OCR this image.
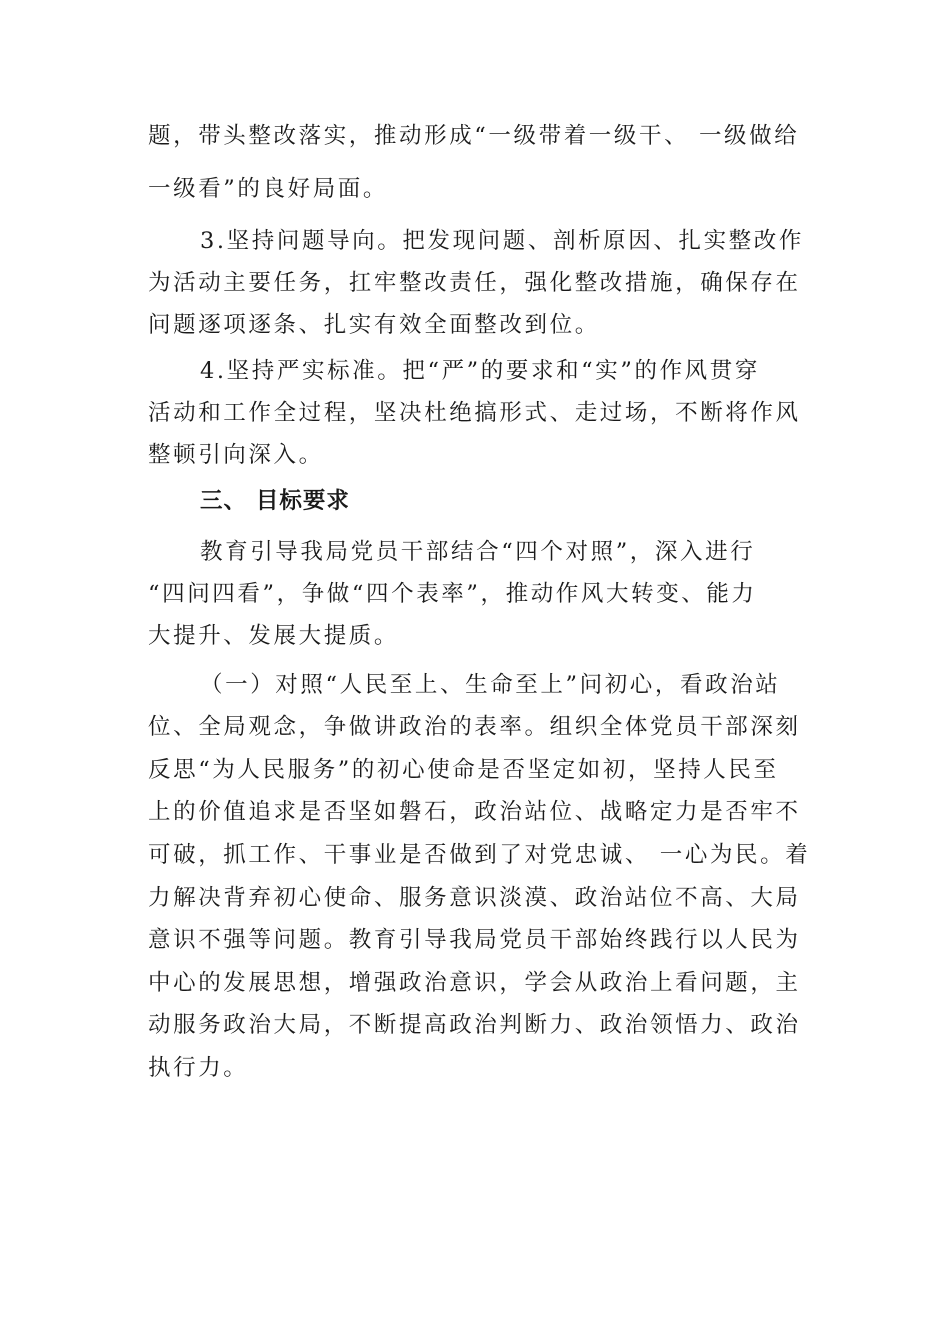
题，带头整改落实，推动形成“一级带着一级干、 一级做给
一级看”的良好局面。
3.坚持问题导向。把发现问题、剖析原因、扎实整改作
为活动主要任务，扛牢整改责任，强化整改措施，确保存在
问题逐项逐条、扎实有效全面整改到位。
4.坚持严实标准。把“严”的要求和“实”的作风贯穿
活动和工作全过程，坚决杜绝搞形式、走过场，不断将作风
整顿引向深入。
三、 目标要求
教育引导我局党员干部结合“四个对照”，深入进行
“四问四看”，争做“四个表率”，推动作风大转变、能力
大提升、发展大提质。
（一）对照“人民至上、生命至上”问初心，看政治站
位、全局观念，争做讲政治的表率。组织全体党员干部深刻
反思“为人民服务”的初心使命是否坚定如初，坚持人民至
上的价值追求是否坚如磐石，政治站位、战略定力是否牢不
可破，抓工作、干事业是否做到了对党忠诚、 一心为民。着
力解决背弃初心使命、服务意识淡漠、政治站位不高、大局
意识不强等问题。教育引导我局党员干部始终践行以人民为
中心的发展思想，增强政治意识，学会从政治上看问题，主
动服务政治大局，不断提高政治判断力、政治领悟力、政治
执行力。
